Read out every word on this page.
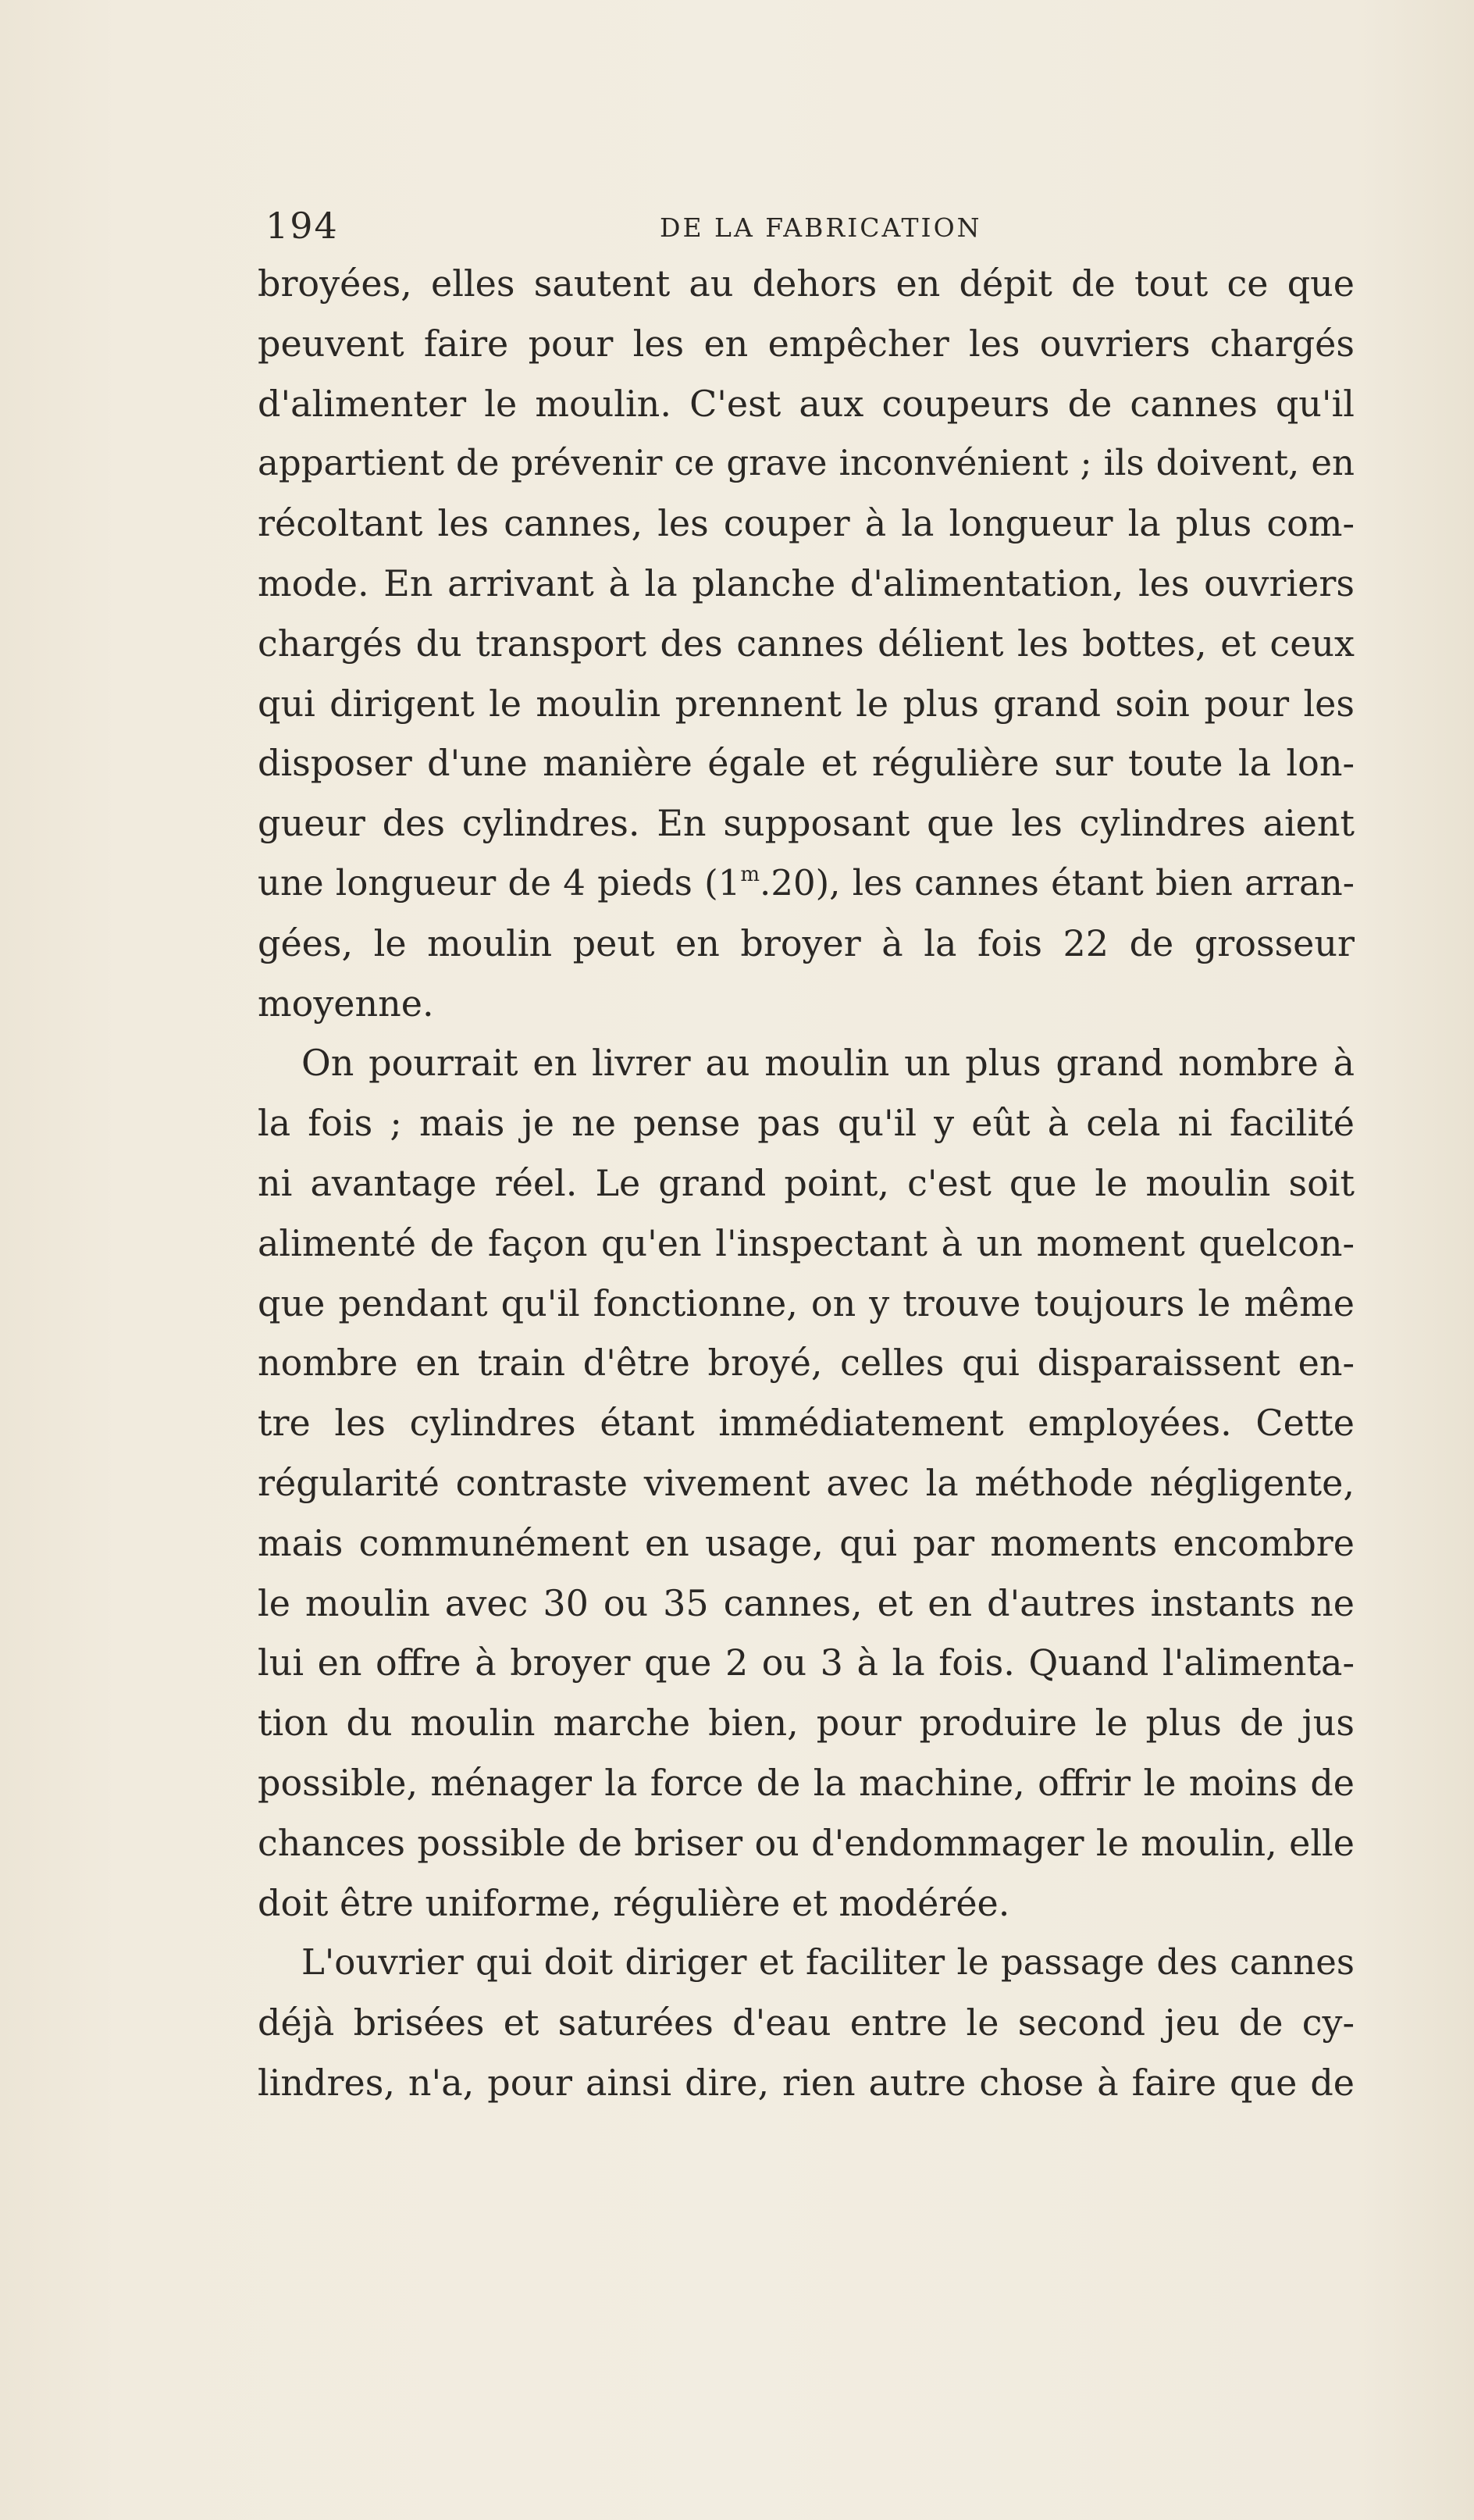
194	DE LA FABRICATION
broyées, elles sautent au dehors en dépit de tout ce que
peuvent faire pour les en empêcher les ouvriers chargés
d'alimenter le moulin. C'est aux coupeurs de cannes qu'il
appartient de prévenir ce grave inconvénient ; ils doivent, en
récoltant les cannes, les couper à la longueur la plus com-
mode. En arrivant à la planche d'alimentation, les ouvriers
chargés du transport des cannes délient les bottes, et ceux
qui dirigent le moulin prennent le plus grand soin pour les
disposer d'une manière égale et régulière sur toute la lon-
gueur des cylindres. En supposant que les cylindres aient
une longueur de 4 pieds (1$^m$.20), les cannes étant bien arran-
gées, le moulin peut en broyer à la fois 22 de grosseur
moyenne.
On pourrait en livrer au moulin un plus grand nombre à
la fois ; mais je ne pense pas qu'il y eût à cela ni facilité
ni avantage réel. Le grand point, c'est que le moulin soit
alimenté de façon qu'en l'inspectant à un moment quelcon-
que pendant qu'il fonctionne, on y trouve toujours le même
nombre en train d'être broyé, celles qui disparaissent en-
tre les cylindres étant immédiatement employées. Cette
régularité contraste vivement avec la méthode négligente,
mais communément en usage, qui par moments encombre
le moulin avec 30 ou 35 cannes, et en d'autres instants ne
lui en offre à broyer que 2 ou 3 à la fois. Quand l'alimenta-
tion du moulin marche bien, pour produire le plus de jus
possible, ménager la force de la machine, offrir le moins de
chances possible de briser ou d'endommager le moulin, elle
doit être uniforme, régulière et modérée.
L'ouvrier qui doit diriger et faciliter le passage des cannes
déjà brisées et saturées d'eau entre le second jeu de cy-
lindres, n'a, pour ainsi dire, rien autre chose à faire que de
